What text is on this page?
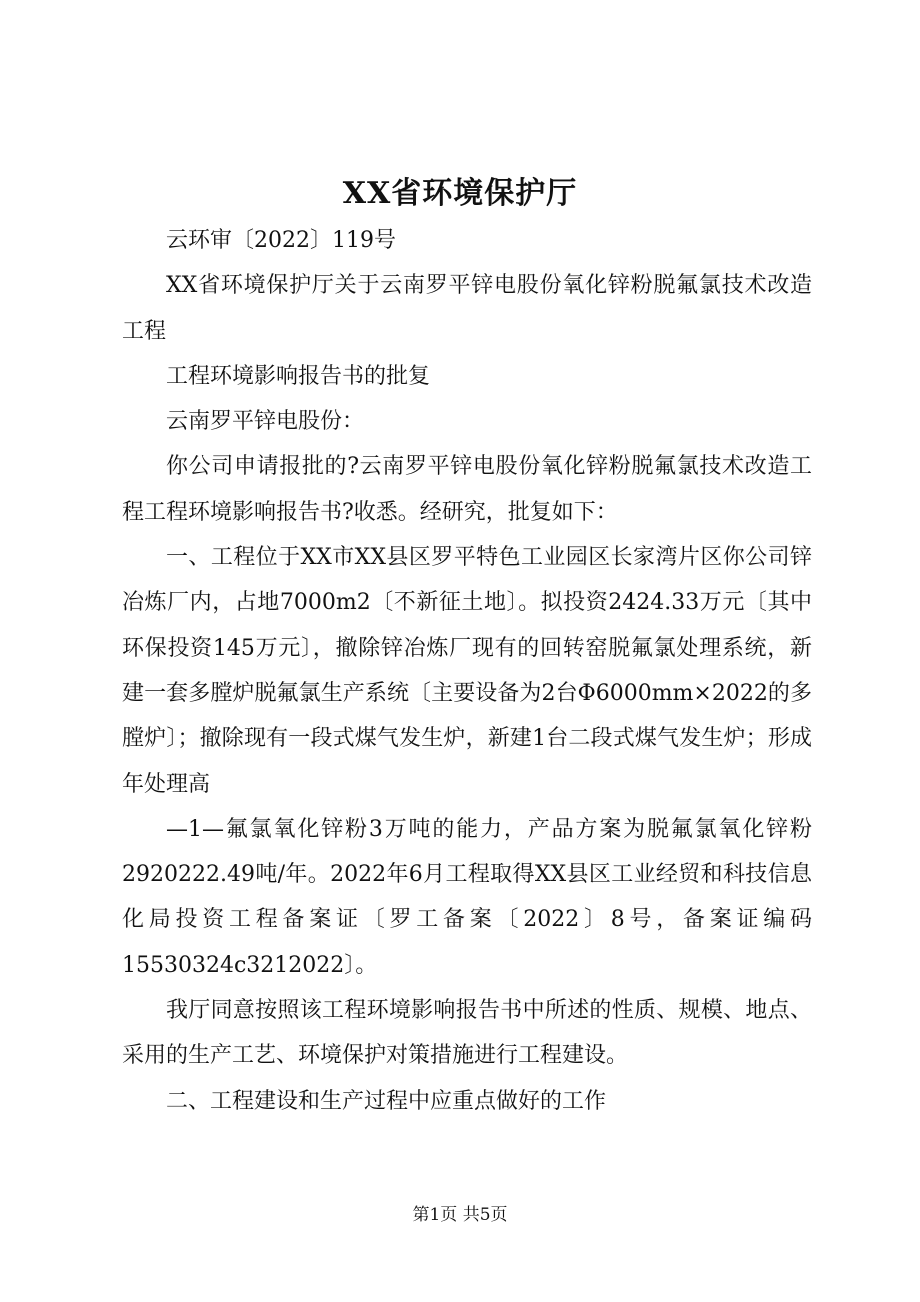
XX省环境保护厅

云环审〔2022〕119号

XX省环境保护厅关于云南罗平锌电股份氧化锌粉脱氟氯技术改造工程

工程环境影响报告书的批复

云南罗平锌电股份：

你公司申请报批的?云南罗平锌电股份氧化锌粉脱氟氯技术改造工程工程环境影响报告书?收悉。经研究，批复如下：

一、工程位于XX市XX县区罗平特色工业园区长家湾片区你公司锌冶炼厂内，占地7000m2〔不新征土地〕。拟投资2424.33万元〔其中环保投资145万元〕，撤除锌冶炼厂现有的回转窑脱氟氯处理系统，新建一套多膛炉脱氟氯生产系统〔主要设备为2台Φ6000mm×2022的多膛炉〕；撤除现有一段式煤气发生炉，新建1台二段式煤气发生炉；形成年处理高

—1—氟氯氧化锌粉3万吨的能力，产品方案为脱氟氯氧化锌粉2920222.49吨/年。2022年6月工程取得XX县区工业经贸和科技信息化局投资工程备案证〔罗工备案〔2022〕8号，备案证编码15530324c3212022〕。

我厅同意按照该工程环境影响报告书中所述的性质、规模、地点、采用的生产工艺、环境保护对策措施进行工程建设。

二、工程建设和生产过程中应重点做好的工作

第1页 共5页
